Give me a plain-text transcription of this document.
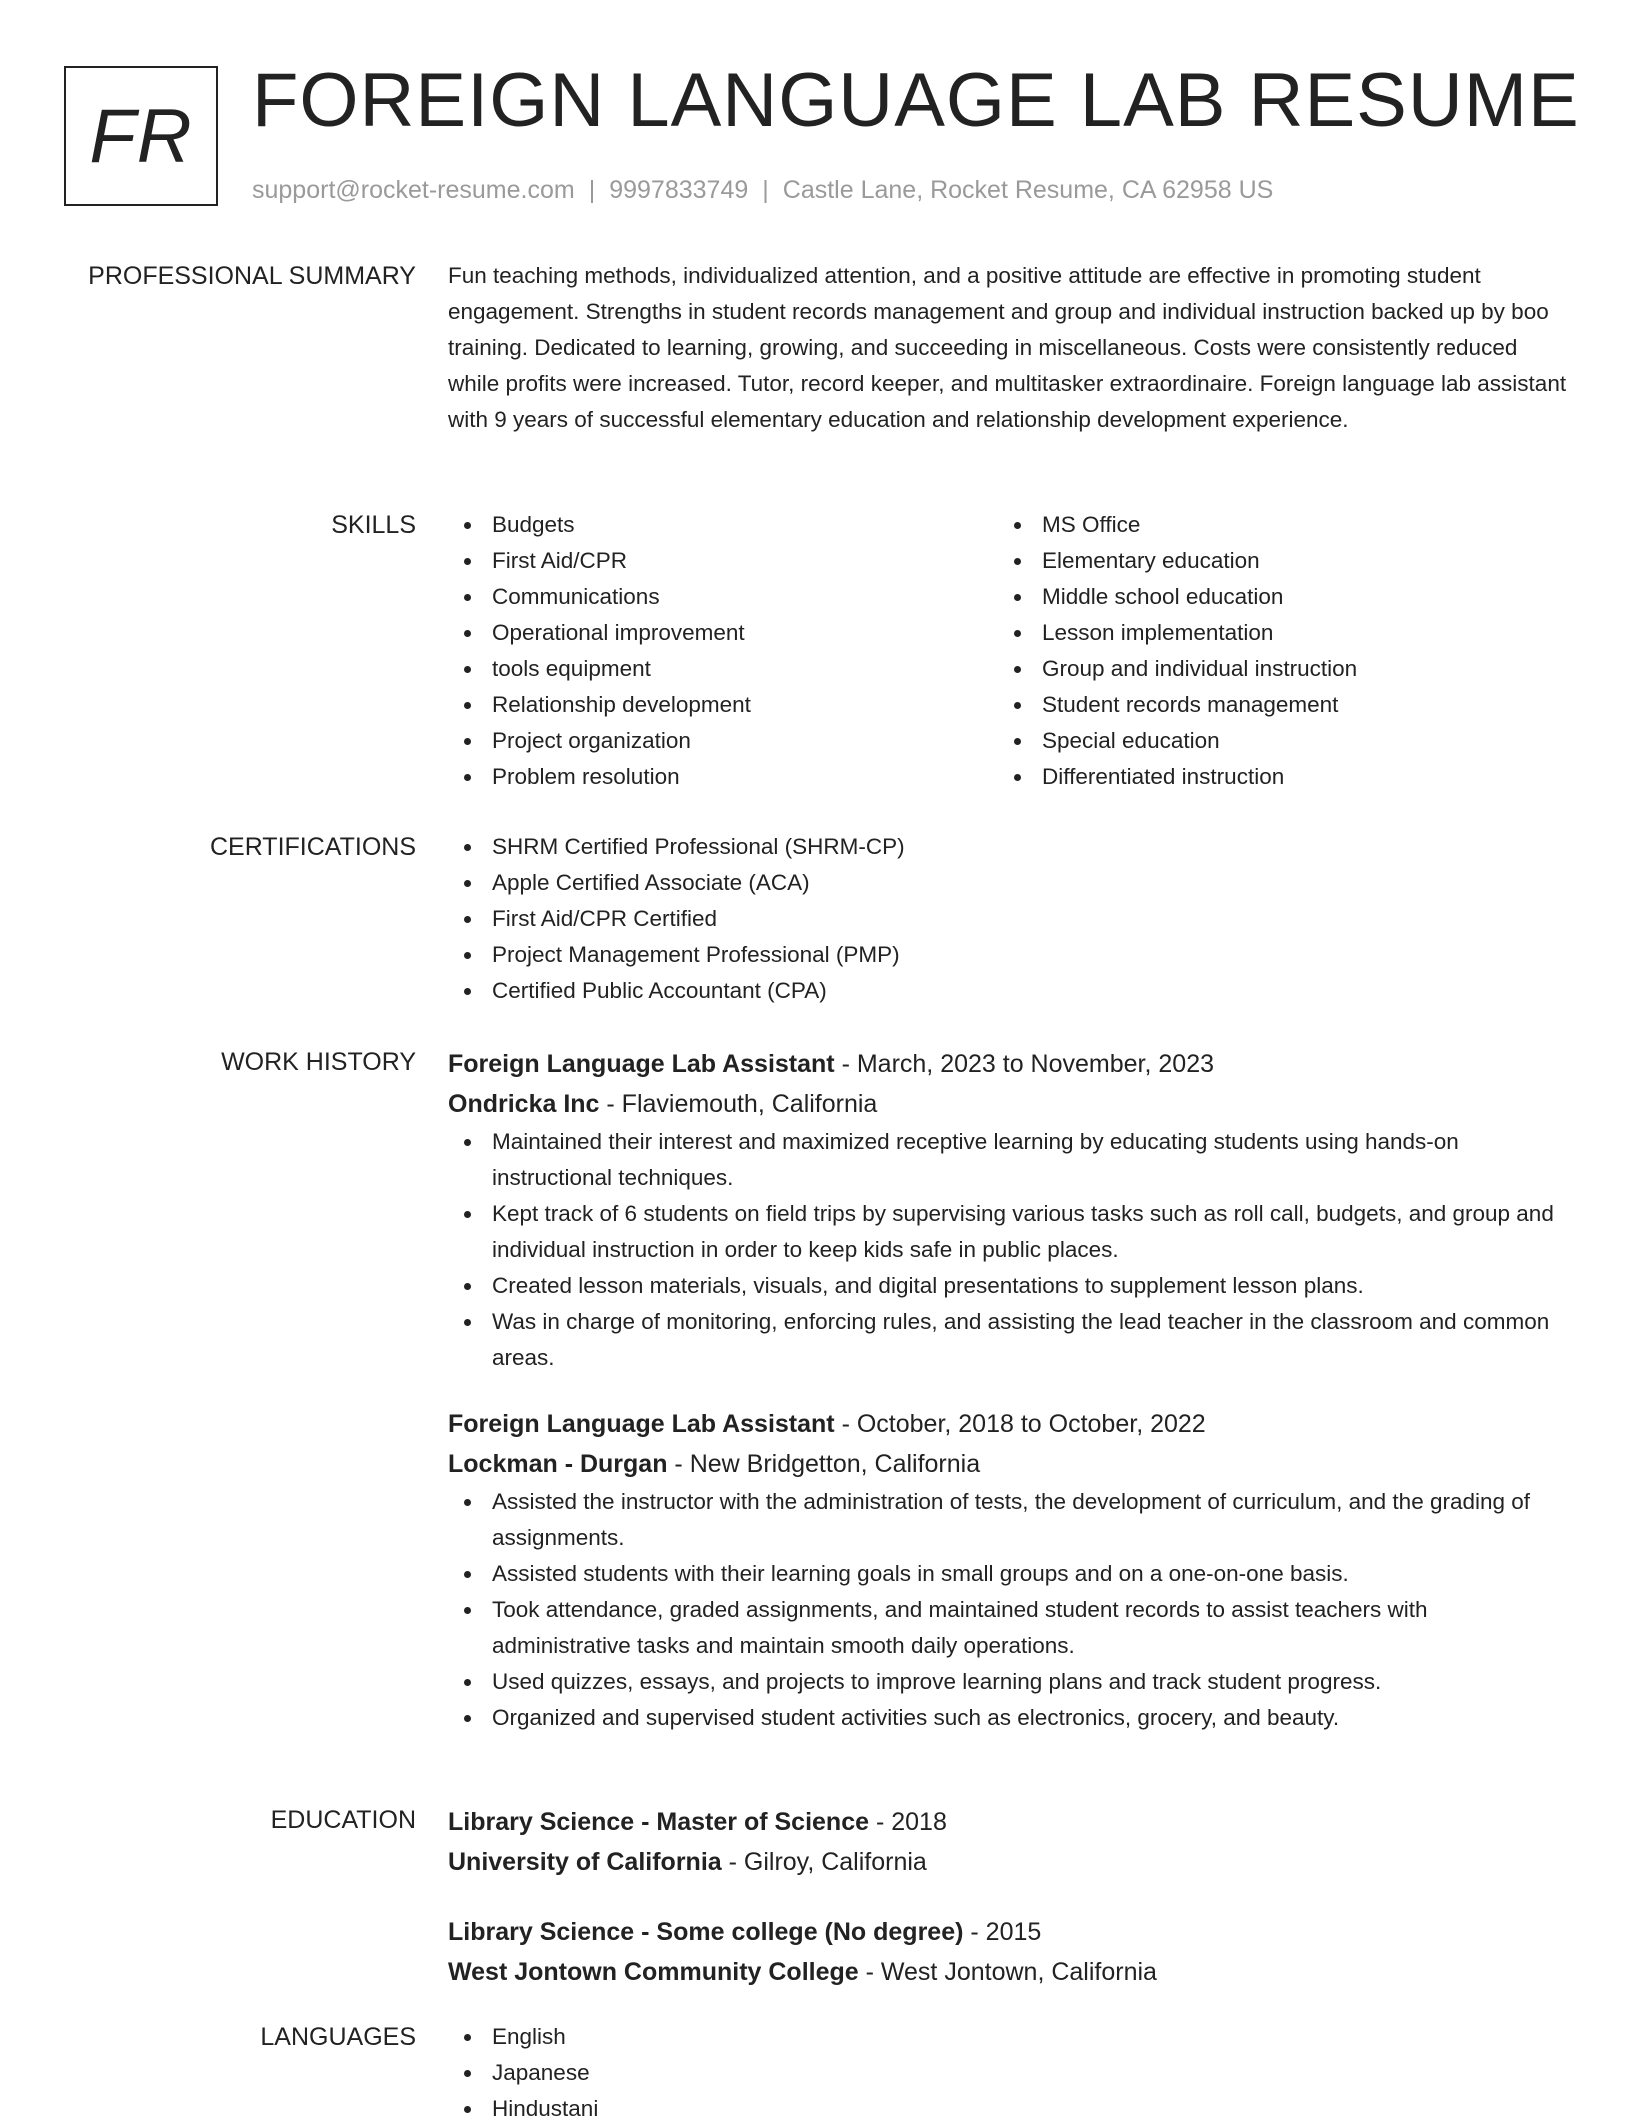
FR FOREIGN LANGUAGE LAB RESUME
support@rocket-resume.com | 9997833749 | Castle Lane, Rocket Resume, CA 62958 US
PROFESSIONAL SUMMARY Fun teaching methods, individualized attention, and a positive attitude are effective in promoting student engagement. Strengths in student records management and group and individual instruction backed up by boo training. Dedicated to learning, growing, and succeeding in miscellaneous. Costs were consistently reduced while profits were increased. Tutor, record keeper, and multitasker extraordinaire. Foreign language lab assistant with 9 years of successful elementary education and relationship development experience.

SKILLS	Budgets
First Aid/CPR
Communications
Operational improvement
tools equipment
Relationship development
Project organization
Problem resolution
MS Office
Elementary education
Middle school education
Lesson implementation
Group and individual instruction
Student records management
Special education
Differentiated instruction
CERTIFICATIONS	SHRM Certified Professional (SHRM-CP)
Apple Certified Associate (ACA)
First Aid/CPR Certified
Project Management Professional (PMP)
Certified Public Accountant (CPA)
WORK HISTORY Foreign Language Lab Assistant - March, 2023 to November, 2023
Ondricka Inc - Flaviemouth, California
Maintained their interest and maximized receptive learning by educating students using hands-on instructional techniques.
Kept track of 6 students on field trips by supervising various tasks such as roll call, budgets, and group and individual instruction in order to keep kids safe in public places.
Created lesson materials, visuals, and digital presentations to supplement lesson plans.
Was in charge of monitoring, enforcing rules, and assisting the lead teacher in the classroom and common areas.
Foreign Language Lab Assistant - October, 2018 to October, 2022
Lockman - Durgan - New Bridgetton, California
Assisted the instructor with the administration of tests, the development of curriculum, and the grading of assignments.
Assisted students with their learning goals in small groups and on a one-on-one basis.
Took attendance, graded assignments, and maintained student records to assist teachers with administrative tasks and maintain smooth daily operations.
Used quizzes, essays, and projects to improve learning plans and track student progress.
Organized and supervised student activities such as electronics, grocery, and beauty.
EDUCATION Library Science - Master of Science - 2018
University of California - Gilroy, California
Library Science - Some college (No degree) - 2015
West Jontown Community College - West Jontown, California
LANGUAGES	English
Japanese
Hindustani
